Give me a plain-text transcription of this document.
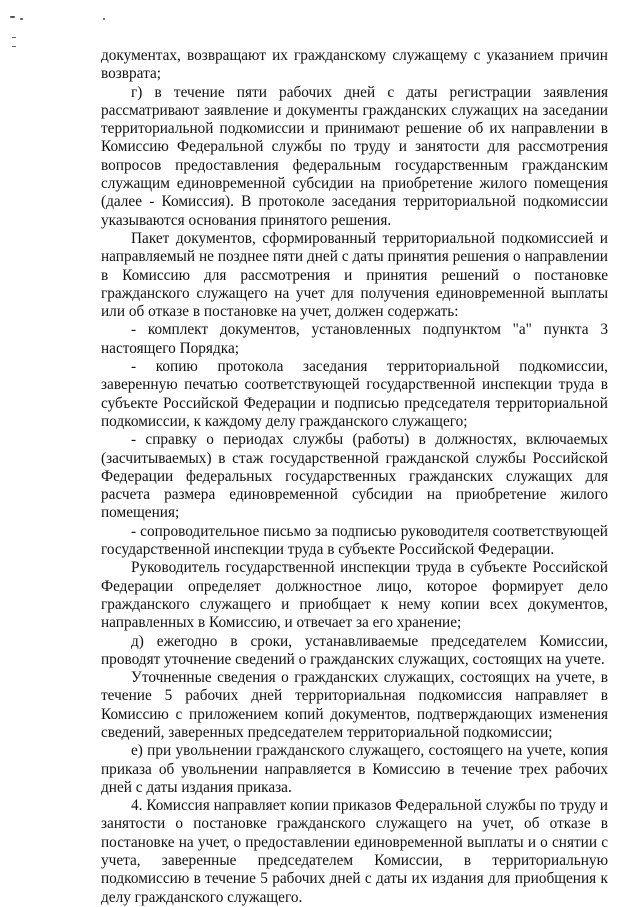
документах, возвращают их гражданскому служащему с указанием причин возврата;

г) в течение пяти рабочих дней с даты регистрации заявления рассматривают заявление и документы гражданских служащих на заседании территориальной подкомиссии и принимают решение об их направлении в Комиссию Федеральной службы по труду и занятости для рассмотрения вопросов предоставления федеральным государственным гражданским служащим единовременной субсидии на приобретение жилого помещения (далее - Комиссия). В протоколе заседания территориальной подкомиссии указываются основания принятого решения.

Пакет документов, сформированный территориальной подкомиссией и направляемый не позднее пяти дней с даты принятия решения о направлении в Комиссию для рассмотрения и принятия решений о постановке гражданского служащего на учет для получения единовременной выплаты или об отказе в постановке на учет, должен содержать:

- комплект документов, установленных подпунктом "а" пункта 3 настоящего Порядка;

- копию протокола заседания территориальной подкомиссии, заверенную печатью соответствующей государственной инспекции труда в субъекте Российской Федерации и подписью председателя территориальной подкомиссии, к каждому делу гражданского служащего;

- справку о периодах службы (работы) в должностях, включаемых (засчитываемых) в стаж государственной гражданской службы Российской Федерации федеральных государственных гражданских служащих для расчета размера единовременной субсидии на приобретение жилого помещения;

- сопроводительное письмо за подписью руководителя соответствующей государственной инспекции труда в субъекте Российской Федерации.

Руководитель государственной инспекции труда в субъекте Российской Федерации определяет должностное лицо, которое формирует дело гражданского служащего и приобщает к нему копии всех документов, направленных в Комиссию, и отвечает за его хранение;

д) ежегодно в сроки, устанавливаемые председателем Комиссии, проводят уточнение сведений о гражданских служащих, состоящих на учете.

Уточненные сведения о гражданских служащих, состоящих на учете, в течение 5 рабочих дней территориальная подкомиссия направляет в Комиссию с приложением копий документов, подтверждающих изменения сведений, заверенных председателем территориальной подкомиссии;

е) при увольнении гражданского служащего, состоящего на учете, копия приказа об увольнении направляется в Комиссию в течение трех рабочих дней с даты издания приказа.

4. Комиссия направляет копии приказов Федеральной службы по труду и занятости о постановке гражданского служащего на учет, об отказе в постановке на учет, о предоставлении единовременной выплаты и о снятии с учета, заверенные председателем Комиссии, в территориальную подкомиссию в течение 5 рабочих дней с даты их издания для приобщения к делу гражданского служащего.
